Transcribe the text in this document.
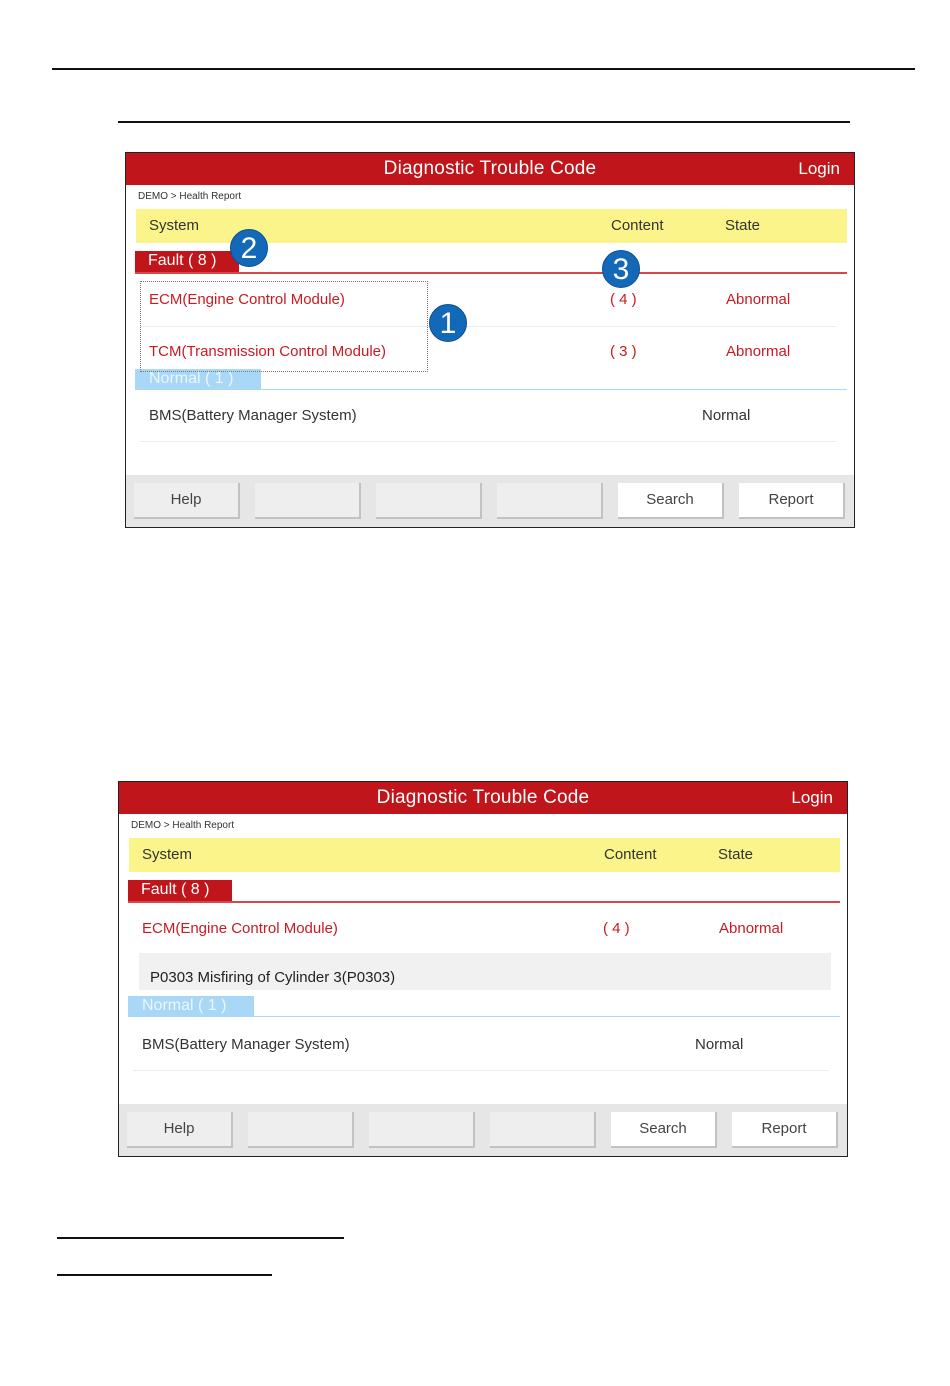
Diagnostic Trouble Code	Login
DEMO > Health Report
System	Content	State
Fault ( 8 )
ECM(Engine Control Module)	( 4 )	Abnormal
TCM(Transmission Control Module)	( 3 )	Abnormal
Normal ( 1 )
BMS(Battery Manager System)	Normal
1
2
3
Help	Search	Report
Diagnostic Trouble Code	Login
DEMO > Health Report
System	Content	State
Fault ( 8 )
ECM(Engine Control Module)	( 4 )	Abnormal
P0303 Misfiring of Cylinder 3(P0303)
Normal ( 1 )
BMS(Battery Manager System)	Normal
Help	Search	Report
